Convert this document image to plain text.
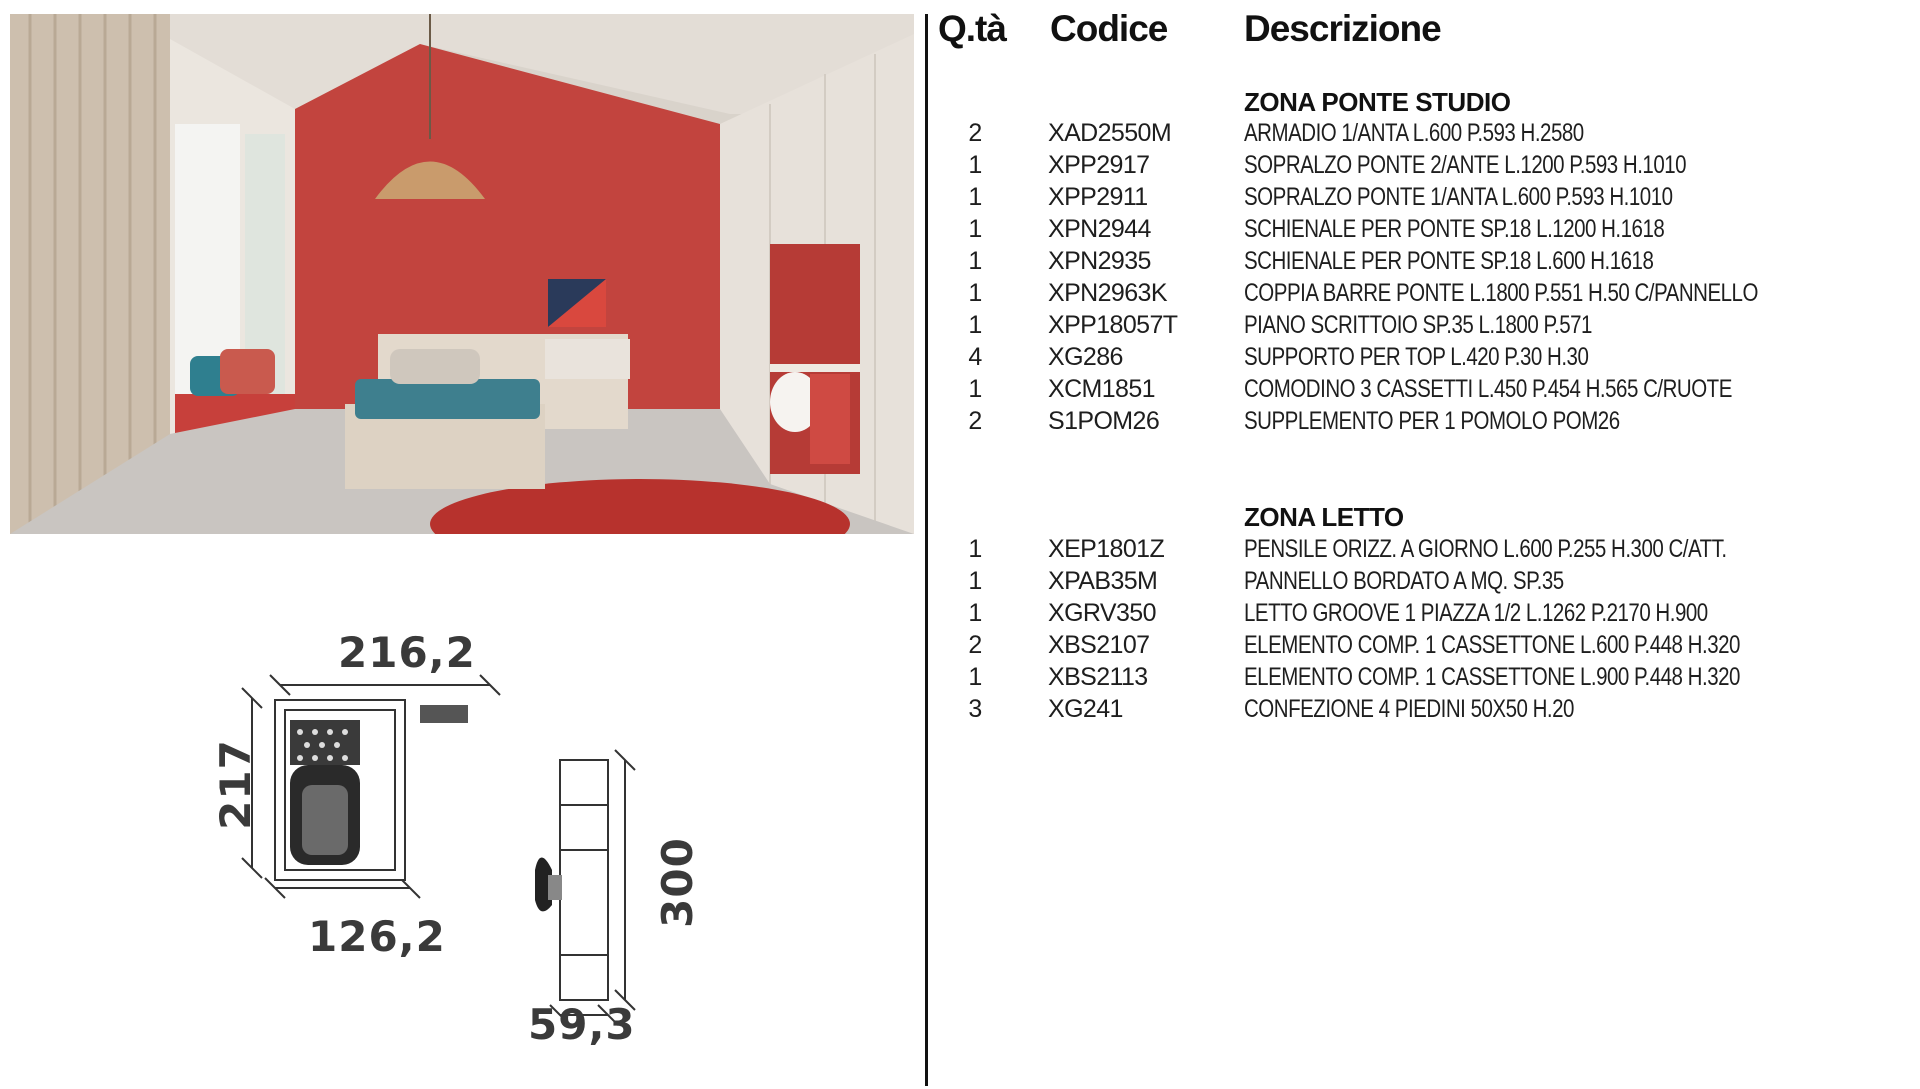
216,2
217
126,2
300
59,3
Q.tà Codice Descrizione
ZONA PONTE STUDIO
2	XAD2550M	ARMADIO 1/ANTA L.600 P.593 H.2580
1	XPP2917	SOPRALZO PONTE 2/ANTE L.1200 P.593 H.1010
1	XPP2911	SOPRALZO PONTE 1/ANTA L.600 P.593 H.1010
1	XPN2944	SCHIENALE PER PONTE SP.18 L.1200 H.1618
1	XPN2935	SCHIENALE PER PONTE SP.18 L.600 H.1618
1	XPN2963K	COPPIA BARRE PONTE L.1800 P.551 H.50 C/PANNELLO
1	XPP18057T	PIANO SCRITTOIO SP.35 L.1800 P.571
4	XG286	SUPPORTO PER TOP L.420 P.30 H.30
1	XCM1851	COMODINO 3 CASSETTI L.450 P.454 H.565 C/RUOTE
2	S1POM26	SUPPLEMENTO PER 1 POMOLO POM26
ZONA LETTO
1	XEP1801Z	PENSILE ORIZZ. A GIORNO L.600 P.255 H.300 C/ATT.
1	XPAB35M	PANNELLO BORDATO A MQ. SP.35
1	XGRV350	LETTO GROOVE 1 PIAZZA 1/2 L.1262 P.2170 H.900
2	XBS2107	ELEMENTO COMP. 1 CASSETTONE L.600 P.448 H.320
1	XBS2113	ELEMENTO COMP. 1 CASSETTONE L.900 P.448 H.320
3	XG241	CONFEZIONE 4 PIEDINI 50X50 H.20
